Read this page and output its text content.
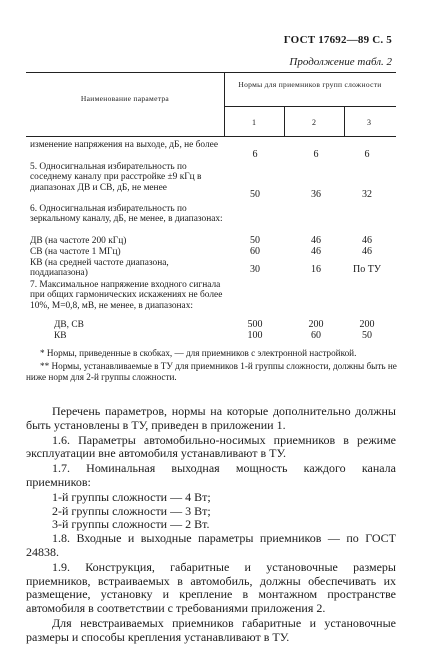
ГОСТ 17692—89 С. 5
Продолжение табл. 2
Наименование параметра
Нормы для приемников групп сложности
1	2	3
изменение напряжения на выходе, дБ, не более
6	6	6
5. Односигнальная избирательность по соседнему каналу при расстройке ±9 кГц в диапазонах ДВ и СВ, дБ, не менее
50	36	32
6. Односигнальная избирательность по зеркальному каналу, дБ, не менее, в диапазонах:
ДВ (на частоте 200 кГц)	50	46	46
СВ (на частоте 1 МГц)	60	46	46
КВ (на средней частоте диапазона, поддиапазона)	30	16	По ТУ
7. Максимальное напряжение входного сигнала при общих гармонических искажениях не более 10%, M=0,8, мВ, не менее, в диапазонах:
ДВ, СВ	500	200	200
КВ	100	60	50

* Нормы, приведенные в скобках, — для приемников с электронной настройкой.

** Нормы, устанавливаемые в ТУ для приемников 1-й группы сложности, должны быть не ниже норм для 2-й группы сложности.

Перечень параметров, нормы на которые дополнительно должны быть установлены в ТУ, приведен в приложении 1.

1.6. Параметры автомобильно-носимых приемников в режиме эксплуатации вне автомобиля устанавливают в ТУ.

1.7. Номинальная выходная мощность каждого канала приемников:

1-й группы сложности — 4 Вт;

2-й группы сложности — 3 Вт;

3-й группы сложности — 2 Вт.

1.8. Входные и выходные параметры приемников — по ГОСТ 24838.

1.9. Конструкция, габаритные и установочные размеры приемников, встраиваемых в автомобиль, должны обеспечивать их размещение, установку и крепление в монтажном пространстве автомобиля в соответствии с требованиями приложения 2.

Для невстраиваемых приемников габаритные и установочные размеры и способы крепления устанавливают в ТУ.
